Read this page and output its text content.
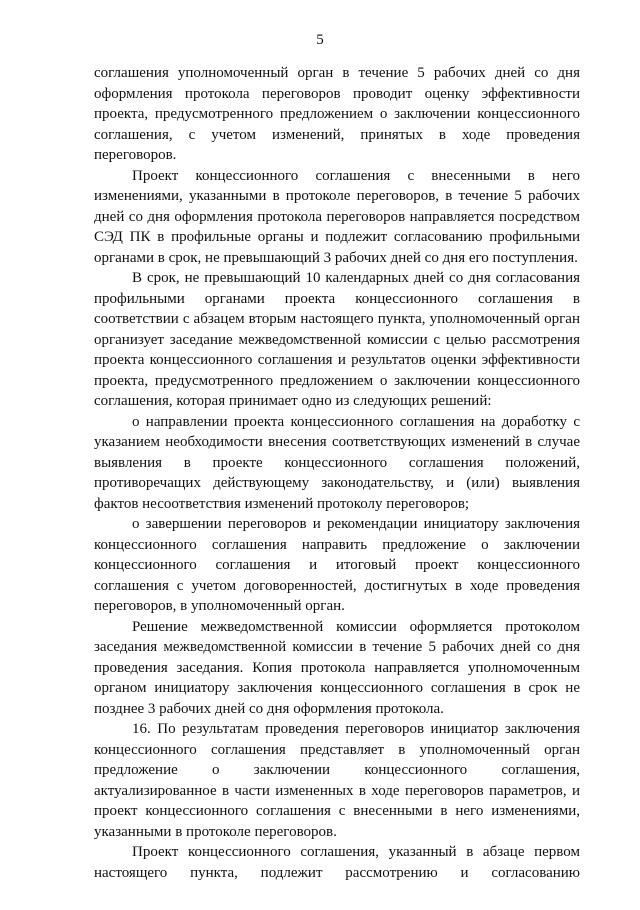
5

соглашения уполномоченный орган в течение 5 рабочих дней со дня оформления протокола переговоров проводит оценку эффективности проекта, предусмотренного предложением о заключении концессионного соглашения, с учетом изменений, принятых в ходе проведения переговоров.

Проект концессионного соглашения с внесенными в него изменениями, указанными в протоколе переговоров, в течение 5 рабочих дней со дня оформления протокола переговоров направляется посредством СЭД ПК в профильные органы и подлежит согласованию профильными органами в срок, не превышающий 3 рабочих дней со дня его поступления.

В срок, не превышающий 10 календарных дней со дня согласования профильными органами проекта концессионного соглашения в соответствии с абзацем вторым настоящего пункта, уполномоченный орган организует заседание межведомственной комиссии с целью рассмотрения проекта концессионного соглашения и результатов оценки эффективности проекта, предусмотренного предложением о заключении концессионного соглашения, которая принимает одно из следующих решений:

о направлении проекта концессионного соглашения на доработку с указанием необходимости внесения соответствующих изменений в случае выявления в проекте концессионного соглашения положений, противоречащих действующему законодательству, и (или) выявления фактов несоответствия изменений протоколу переговоров;

о завершении переговоров и рекомендации инициатору заключения концессионного соглашения направить предложение о заключении концессионного соглашения и итоговый проект концессионного соглашения с учетом договоренностей, достигнутых в ходе проведения переговоров, в уполномоченный орган.

Решение межведомственной комиссии оформляется протоколом заседания межведомственной комиссии в течение 5 рабочих дней со дня проведения заседания. Копия протокола направляется уполномоченным органом инициатору заключения концессионного соглашения в срок не позднее 3 рабочих дней со дня оформления протокола.

16. По результатам проведения переговоров инициатор заключения концессионного соглашения представляет в уполномоченный орган предложение о заключении концессионного соглашения, актуализированное в части измененных в ходе переговоров параметров, и проект концессионного соглашения с внесенными в него изменениями, указанными в протоколе переговоров.

Проект концессионного соглашения, указанный в абзаце первом настоящего пункта, подлежит рассмотрению и согласованию
